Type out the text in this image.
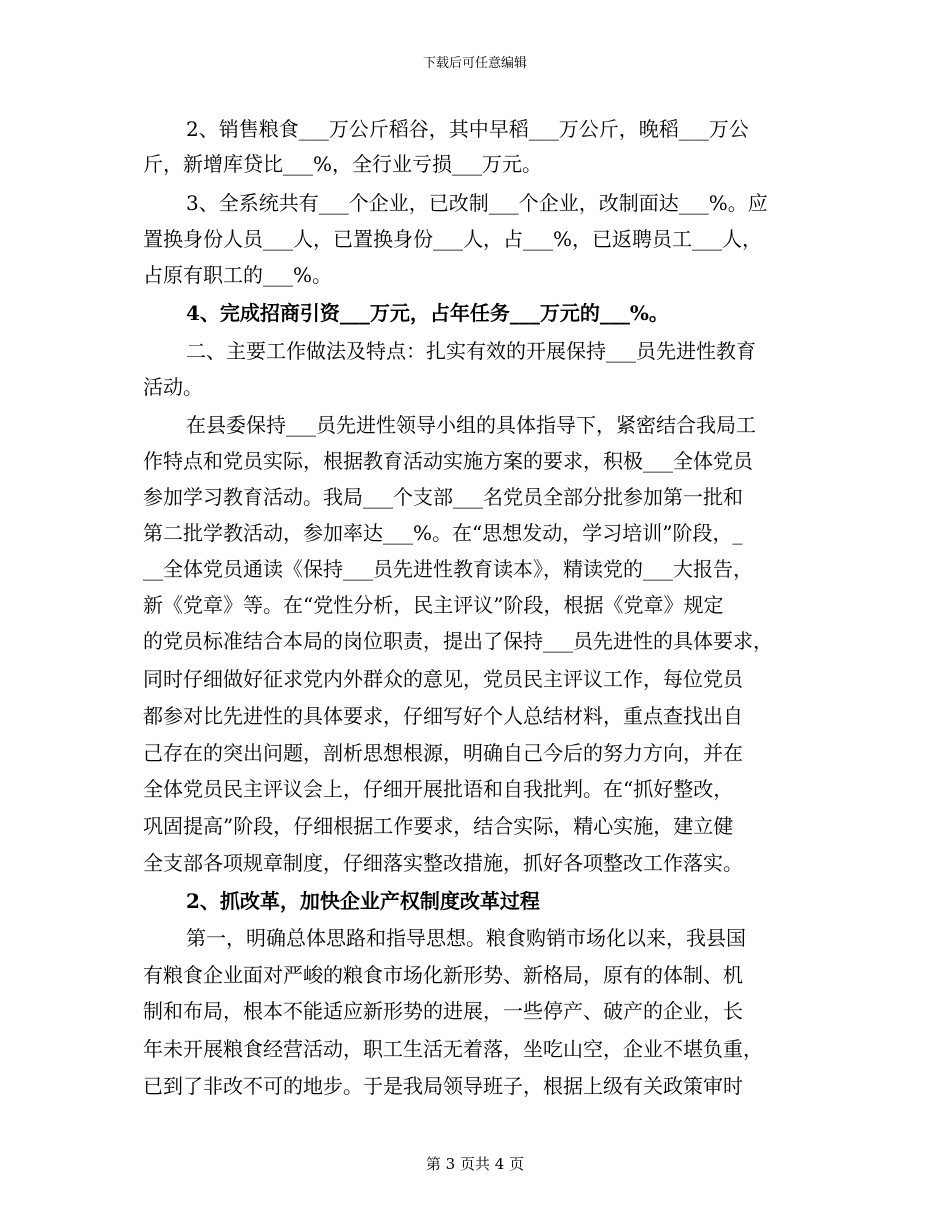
下载后可任意编辑
2、销售粮食___万公斤稻谷，其中早稻___万公斤，晚稻___万公
斤，新增库贷比___%，全行业亏损___万元。
3、全系统共有___个企业，已改制___个企业，改制面达___%。应
置换身份人员___人，已置换身份___人，占___%，已返聘员工___人，
占原有职工的___%。
4、完成招商引资___万元，占年任务___万元的___%。
二、主要工作做法及特点：扎实有效的开展保持___员先进性教育
活动。
在县委保持___员先进性领导小组的具体指导下，紧密结合我局工
作特点和党员实际，根据教育活动实施方案的要求，积极___全体党员
参加学习教育活动。我局___个支部___名党员全部分批参加第一批和
第二批学教活动，参加率达___%。在“思想发动，学习培训”阶段，_
__全体党员通读《保持___员先进性教育读本》，精读党的___大报告，
新《党章》等。在“党性分析，民主评议”阶段，根据《党章》规定
的党员标准结合本局的岗位职责，提出了保持___员先进性的具体要求，
同时仔细做好征求党内外群众的意见，党员民主评议工作，每位党员
都参对比先进性的具体要求，仔细写好个人总结材料，重点查找出自
己存在的突出问题，剖析思想根源，明确自己今后的努力方向，并在
全体党员民主评议会上，仔细开展批语和自我批判。在“抓好整改，
巩固提高”阶段，仔细根据工作要求，结合实际，精心实施，建立健
全支部各项规章制度，仔细落实整改措施，抓好各项整改工作落实。
2、抓改革，加快企业产权制度改革过程
第一，明确总体思路和指导思想。粮食购销市场化以来，我县国
有粮食企业面对严峻的粮食市场化新形势、新格局，原有的体制、机
制和布局，根本不能适应新形势的进展，一些停产、破产的企业，长
年未开展粮食经营活动，职工生活无着落，坐吃山空，企业不堪负重，
已到了非改不可的地步。于是我局领导班子，根据上级有关政策审时
第 3 页共 4 页
